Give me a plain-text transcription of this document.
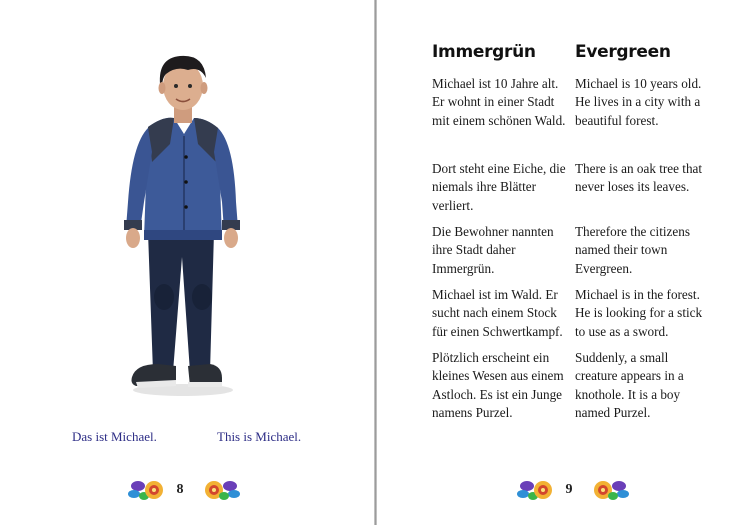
Das ist Michael.	This is Michael.
8
Immergrün Evergreen
Michael ist 10 Jahre alt. Er wohnt in einer Stadt mit einem schönen Wald.
Dort steht eine Eiche, die niemals ihre Blätter verliert.
Die Bewohner nannten ihre Stadt daher Immergrün.
Michael ist im Wald. Er sucht nach einem Stock für einen Schwertkampf.
Plötzlich erscheint ein kleines Wesen aus einem Astloch. Es ist ein Junge namens Purzel.
Michael is 10 years old. He lives in a city with a beautiful forest.
There is an oak tree that never loses its leaves.
Therefore the citizens named their town Evergreen.
Michael is in the forest. He is looking for a stick to use as a sword.
Suddenly, a small creature appears in a knothole. It is a boy named Purzel.
9
